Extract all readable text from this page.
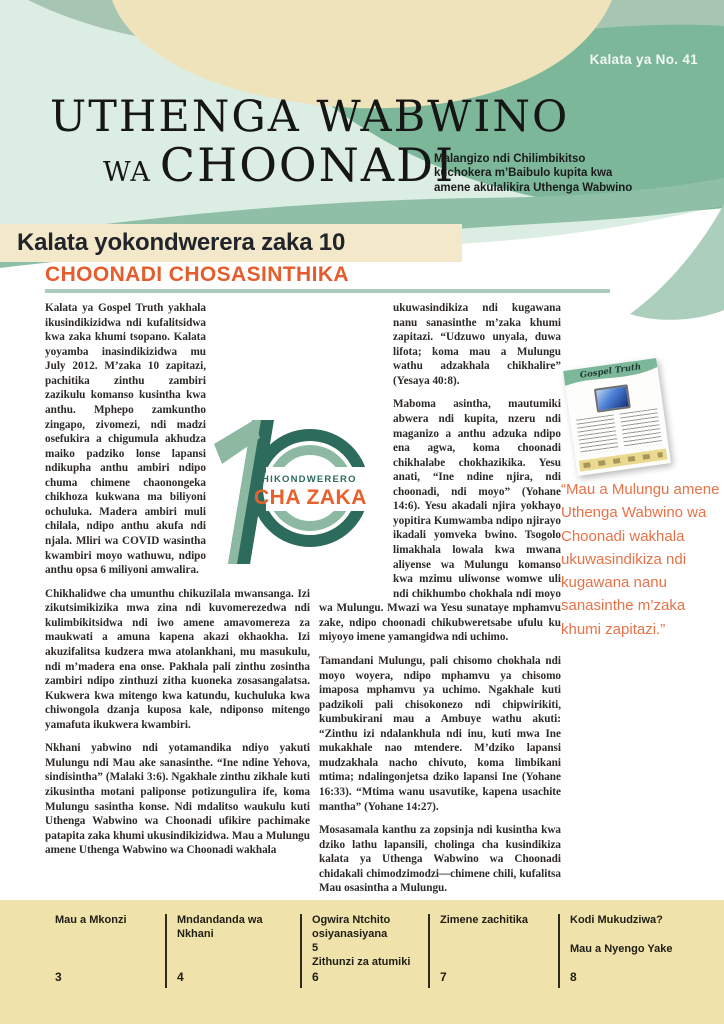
Kalata ya No. 41
UTHENGA WABWINO
WA CHOONADI
Malangizo ndi Chilimbikitso
kuchokera m’Baibulo kupita kwa
amene akulalikira Uthenga Wabwino
Kalata yokondwerera zaka 10
CHOONADI CHOSASINTHIKA

Kalata ya Gospel Truth yakhala ikusindikizidwa ndi kufalitsidwa kwa zaka khumi tsopano. Kalata yoyamba inasindikizidwa mu July 2012. M’zaka 10 zapitazi, pachitika zinthu zambiri zazikulu komanso kusintha kwa anthu. Mphepo zamkuntho zingapo, zivomezi, ndi madzi osefukira a chigumula akhudza maiko padziko lonse lapansi ndikupha anthu ambiri ndipo chuma chimene chaonongeka chikhoza kukwana ma biliyoni ochuluka. Madera ambiri muli chilala, ndipo anthu akufa ndi njala. Mliri wa COVID wasintha kwambiri moyo wathuwu, ndipo anthu opsa 6 miliyoni amwalira.

Chikhalidwe cha umunthu chikuzilala mwansanga. Izi zikutsimikizika mwa zina ndi kuvomerezedwa ndi kulimbikitsidwa ndi iwo amene amavomereza za maukwati a amuna kapena akazi okhaokha. Izi akuzifalitsa kudzera mwa atolankhani, mu masukulu, ndi m’madera ena onse. Pakhala pali zinthu zosintha zambiri ndipo zinthuzi zitha kuoneka zosasangalatsa. Kukwera kwa mitengo kwa katundu, kuchuluka kwa chiwongola dzanja kuposa kale, ndiponso mitengo yamafuta ikukwera kwambiri.

Nkhani yabwino ndi yotamandika ndiyo yakuti Mulungu ndi Mau ake sanasinthe. “Ine ndine Yehova, sindisintha” (Malaki 3:6). Ngakhale zinthu zikhale kuti zikusintha motani paliponse potizungulira ife, koma Mulungu sasintha konse. Ndi mdalitso waukulu kuti Uthenga Wabwino wa Choonadi ufikire pachimake patapita zaka khumi ukusindikizidwa. Mau a Mulungu amene Uthenga Wabwino wa Choonadi wakhala

ukuwasindikiza ndi kugawana nanu sanasinthe m’zaka khumi zapitazi. “Udzuwo unyala, duwa lifota; koma mau a Mulungu wathu adzakhala chikhalire” (Yesaya 40:8).

Maboma asintha, mautumiki abwera ndi kupita, nzeru ndi maganizo a anthu adzuka ndipo ena agwa, koma choonadi chikhalabe chokhazikika. Yesu anati, “Ine ndine njira, ndi choonadi, ndi moyo” (Yohane 14:6). Yesu akadali njira yokhayo yopitira Kumwamba ndipo njirayo ikadali yomveka bwino. Tsogolo limakhala lowala kwa mwana aliyense wa Mulungu komanso kwa mzimu uliwonse womwe uli ndi chikhumbo chokhala ndi moyo wa Mulungu. Mwazi wa Yesu sunataye mphamvu zake, ndipo choonadi chikubweretsabe ufulu ku miyoyo imene yamangidwa ndi uchimo.

Tamandani Mulungu, pali chisomo chokhala ndi moyo woyera, ndipo mphamvu ya chisomo imaposa mphamvu ya uchimo. Ngakhale kuti padzikoli pali chisokonezo ndi chipwirikiti, kumbukirani mau a Ambuye wathu akuti: “Zinthu izi ndalankhula ndi inu, kuti mwa Ine mukakhale nao mtendere. M’dziko lapansi mudzakhala nacho chivuto, koma limbikani mtima; ndalingonjetsa dziko lapansi Ine (Yohane 16:33). “Mtima wanu usavutike, kapena usachite mantha” (Yohane 14:27).

Mosasamala kanthu za zopsinja ndi kusintha kwa dziko lathu lapansili, cholinga cha kusindikiza kalata ya Uthenga Wabwino wa Choonadi chidakali chimodzimodzi—chimene chili, kufalitsa Mau osasintha a Mulungu.

CHIKONDWERERO
CHA ZAKA
Gospel Truth
“Mau a Mulungu amene Uthenga Wabwino wa Choonadi wakhala ukuwasindikiza ndi kugawana nanu sanasinthe m’zaka khumi zapitazi.”
Mau a Mkonzi
3
Mndandanda wa Nkhani
4
Ogwira Ntchito osiyanasiyana
5
Zithunzi za atumiki
6
Zimene zachitika
7
Kodi Mukudziwa?
Mau a Nyengo Yake
8
